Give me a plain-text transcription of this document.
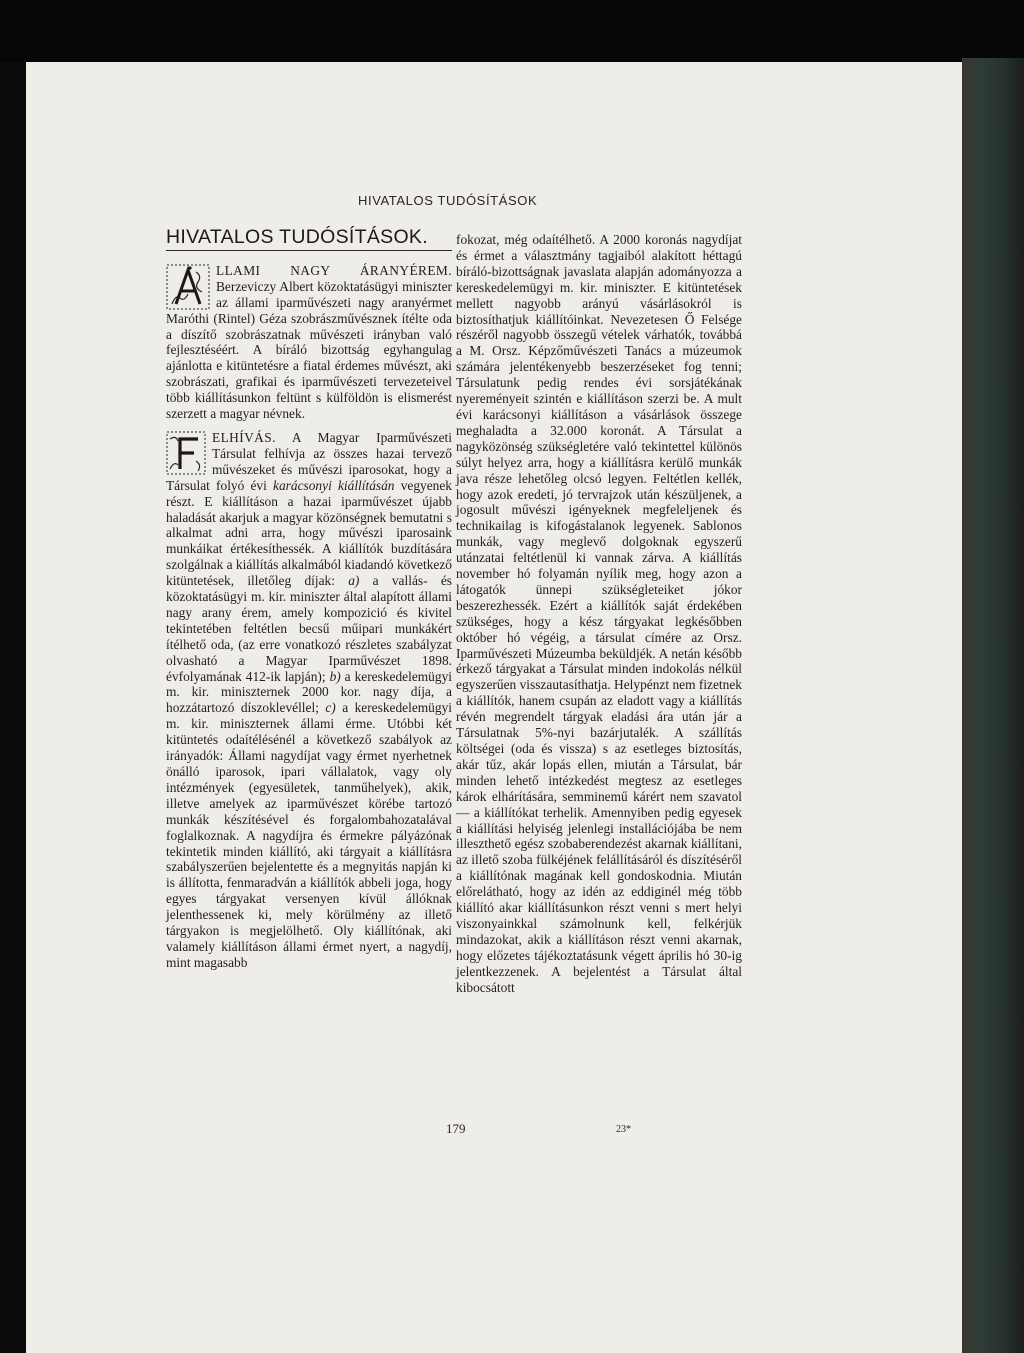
HIVATALOS TUDÓSÍTÁSOK
HIVATALOS TUDÓSÍTÁSOK.

LLAMI NAGY ÁRANYÉREM. Berzeviczy Albert közoktatásügyi miniszter az állami iparművészeti nagy aranyérmet Maróthi (Rintel) Géza szobrászművésznek ítélte oda a díszítő szobrászatnak művészeti irányban való fejlesztéséért. A bíráló bizottság egyhangulag ajánlotta e kitüntetésre a fiatal érdemes művészt, aki szobrászati, grafikai és iparművészeti tervezeteivel több kiállításunkon feltünt s külföldön is elismerést szerzett a magyar névnek.

ELHÍVÁS. A Magyar Iparművészeti Társulat felhívja az összes hazai tervező művészeket és művészi iparosokat, hogy a Társulat folyó évi karácsonyi kiállításán vegyenek részt. E kiállításon a hazai iparművészet újabb haladását akarjuk a magyar közönségnek bemutatni s alkalmat adni arra, hogy művészi iparosaink munkáikat értékesíthessék. A kiállítók buzdítására szolgálnak a kiállítás alkalmából kiadandó következő kitüntetések, illetőleg díjak: a) a vallás- és közoktatásügyi m. kir. miniszter által alapított állami nagy arany érem, amely kompozició és kivitel tekintetében feltétlen becsű műipari munkákért ítélhető oda, (az erre vonatkozó részletes szabályzat olvasható a Magyar Iparművészet 1898. évfolyamának 412-ik lapján); b) a kereskedelemügyi m. kir. miniszternek 2000 kor. nagy díja, a hozzátartozó díszoklevéllel; c) a kereskedelemügyi m. kir. miniszternek állami érme. Utóbbi két kitüntetés odaítélésénél a következő szabályok az irányadók: Állami nagydíjat vagy érmet nyerhetnek önálló iparosok, ipari vállalatok, vagy oly intézmények (egyesületek, tanműhelyek), akik, illetve amelyek az iparművészet körébe tartozó munkák készítésével és forgalombahozatalával foglalkoznak. A nagydíjra és érmekre pályázónak tekintetik minden kiállító, aki tárgyait a kiállításra szabályszerűen bejelentette és a megnyitás napján ki is állította, fenmaradván a kiállítók abbeli joga, hogy egyes tárgyakat versenyen kívül állóknak jelenthessenek ki, mely körülmény az illető tárgyakon is megjelölhető. Oly kiállítónak, aki valamely kiállításon állami érmet nyert, a nagydíj, mint magasabb

fokozat, még odaítélhető. A 2000 koronás nagydíjat és érmet a választmány tagjaiból alakított héttagú bíráló-bizottságnak javaslata alapján adományozza a kereskedelemügyi m. kir. miniszter. E kitüntetések mellett nagyobb arányú vásárlásokról is biztosíthatjuk kiállítóinkat. Nevezetesen Ő Felsége részéről nagyobb összegű vételek várhatók, továbbá a M. Orsz. Képzőművészeti Tanács a múzeumok számára jelentékenyebb beszerzéseket fog tenni; Társulatunk pedig rendes évi sorsjátékának nyereményeit szintén e kiállításon szerzi be. A mult évi karácsonyi kiállításon a vásárlások összege meghaladta a 32.000 koronát. A Társulat a nagyközönség szükségletére való tekintettel különös súlyt helyez arra, hogy a kiállításra kerülő munkák java része lehetőleg olcsó legyen. Feltétlen kellék, hogy azok eredeti, jó tervrajzok után készüljenek, a jogosult művészi igényeknek megfeleljenek és technikailag is kifogástalanok legyenek. Sablonos munkák, vagy meglevő dolgoknak egyszerű utánzatai feltétlenül ki vannak zárva. A kiállítás november hó folyamán nyílik meg, hogy azon a látogatók ünnepi szükségleteiket jókor beszerezhessék. Ezért a kiállítók saját érdekében szükséges, hogy a kész tárgyakat legkésőbben október hó végéig, a társulat címére az Orsz. Iparművészeti Múzeumba beküldjék. A netán később érkező tárgyakat a Társulat minden indokolás nélkül egyszerűen visszautasíthatja. Helypénzt nem fizetnek a kiállítók, hanem csupán az eladott vagy a kiállítás révén megrendelt tárgyak eladási ára után jár a Társulatnak 5%-nyi bazárjutalék. A szállítás költségei (oda és vissza) s az esetleges biztosítás, akár tűz, akár lopás ellen, miután a Társulat, bár minden lehető intézkedést megtesz az esetleges károk elhárítására, semminemű kárért nem szavatol — a kiállítókat terhelik. Amennyiben pedig egyesek a kiállítási helyiség jelenlegi installációjába be nem illeszthető egész szobaberendezést akarnak kiállítani, az illető szoba fülkéjének felállításáról és díszítéséről a kiállítónak magának kell gondoskodnia. Miután előrelátható, hogy az idén az eddiginél még több kiállító akar kiállításunkon részt venni s mert helyi viszonyainkkal számolnunk kell, felkérjük mindazokat, akik a kiállításon részt venni akarnak, hogy előzetes tájékoztatásunk végett április hó 30-ig jelentkezzenek. A bejelentést a Társulat által kibocsátott

179	23*
